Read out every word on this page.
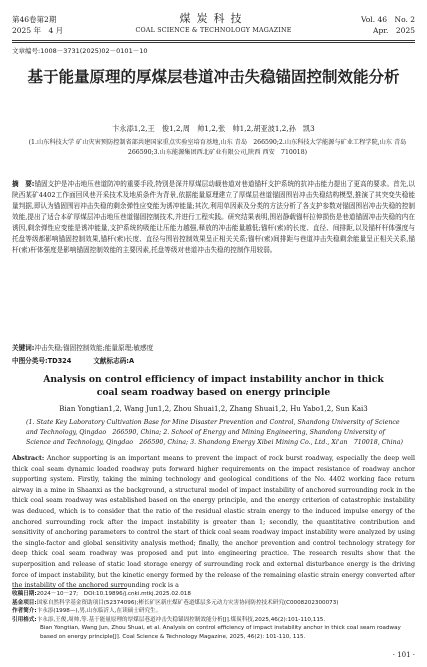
第46卷第2期
2025 年　4 月
煤炭科技
COAL SCIENCE & TECHNOLOGY MAGAZINE
Vol. 46　No. 2
Apr.　2025
文章编号:1008－3731(2025)02－0101－10
基于能量原理的厚煤层巷道冲击失稳锚固控制效能分析
卞永添1,2,王　俊1,2,周　帅1,2,张　帅1,2,胡亚波1,2,孙　凯3
(1.山东科技大学 矿山灾害预防控制省部共建国家重点实验室培育基地,山东 青岛　266590;2.山东科技大学能源与矿业工程学院,山东 青岛　266590;3.山东能源集团西北矿业有限公司,陕西 西安　710018)
摘　要:锚固支护是冲击地压巷道防冲的重要手段,特别是深井厚煤层动载巷道对巷道锚杆支护系统的抗冲击能力提出了更高的要求。首先,以陕西某矿4402工作面回风巷开采技术及地质条件为背景,依据能量原理建立了厚煤层巷道锚固围岩冲击失稳结构模型,推演了其突变失稳能量判据,即认为锚固围岩冲击失稳的剩余弹性应变能为诱冲能量;其次,利用单因素及分类的方法分析了各支护参数对锚固围岩冲击失稳的控制效能,提出了适合本矿厚煤层冲击地压巷道锚固控制技术,并进行工程实践。研究结果表明,围岩静载锚杆拉伸损伤是巷道锚固冲击失稳的内在诱因,剩余弹性应变能是诱冲能量,支护系统的吸能让压能力越强,释放的冲击能量越低;锚杆(索)的长度、直径、间排距,以及锚杆杆体强度与托盘等级都影响锚固控制效果,锚杆(索)长度、直径与围岩控制效果呈正相关关系;锚杆(索)间排距与巷道冲击失稳剩余能量呈正相关关系,锚杆(索)杆体强度是影响锚固控制效能的主要因素,托盘等级对巷道冲击失稳的控制作用较弱。
关键词:冲击失稳;锚固控制效能;能量原理;敏感度
中图分类号:TD324	文献标志码:A
Analysis on control efficiency of impact instability anchor in thick coal seam roadway based on energy principle
Bian Yongtian1,2, Wang Jun1,2, Zhou Shuai1,2, Zhang Shuai1,2, Hu Yabo1,2, Sun Kai3
(1. State Key Laboratory Cultivation Base for Mine Disaster Prevention and Control, Shandong University of Science and Technology, Qingdao　266590, China; 2. School of Energy and Mining Engineering, Shandong University of Science and Technology, Qingdao　266590, China; 3. Shandong Energy Xibei Mining Co., Ltd., Xi'an　710018, China)
Abstract: Anchor supporting is an important means to prevent the impact of rock burst roadway, especially the deep well thick coal seam dynamic loaded roadway puts forward higher requirements on the impact resistance of roadway anchor supporting system. Firstly, taking the mining technology and geological conditions of the No. 4402 working face return airway in a mine in Shaanxi as the background, a structural model of impact instability of anchored surrounding rock in the thick coal seam roadway was established based on the energy principle, and the energy criterion of catastrophic instability was deduced, which is to consider that the ratio of the residual elastic strain energy to the induced impulse energy of the anchored surrounding rock after the impact instability is greater than 1; secondly, the quantitative contribution and sensitivity of anchoring parameters to control the start of thick coal seam roadway impact instability were analyzed by using the single-factor and global sensitivity analysis method; finally, the anchor prevention and control technology strategy for deep thick coal seam roadway was proposed and put into engineering practice. The research results show that the superposition and release of static load storage energy of surrounding rock and external disturbance energy is the driving force of impact instability, but the kinetic energy formed by the release of the remaining elastic strain energy converted after the instability of the anchored surrounding rock is a
收稿日期:2024－10－27;　DOI:10.19896/j.cnki.mtkj.2025.02.018
基金项目:国家自然科学基金资助项目(52374096);彬长矿区新庄煤矿巷道煤层多元动力灾害协同防控技术研究(C0008202300073)
作者简介:卞永添(1998—),男,山东临沂人,在读硕士研究生。
引用格式:卞永添,王俊,周帅,等.基于能量原理的厚煤层巷道冲击失稳锚固控制效能分析[J].煤炭科技,2025,46(2):101-110,115.
Bian Yongtian, Wang Jun, Zhou Shuai, et al. Analysis on control efficiency of impact instability anchor in thick coal seam roadway based on energy principle[J]. Coal Science & Technology Magazine, 2025, 46(2): 101-110, 115.
· 101 ·
